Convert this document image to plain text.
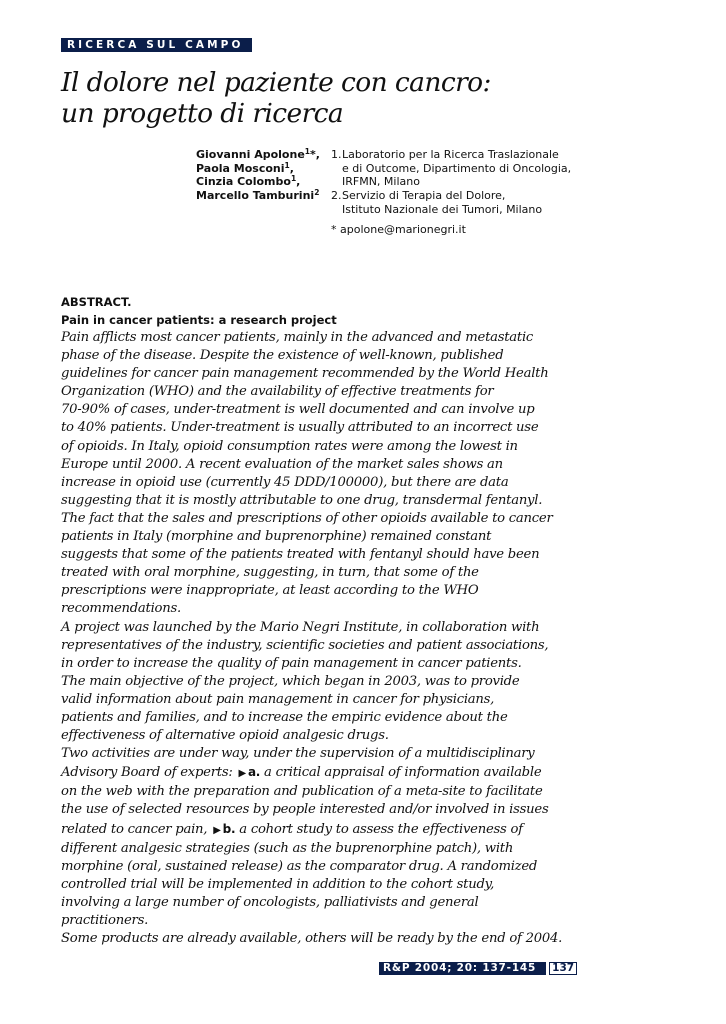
RICERCA SUL CAMPO
Il dolore nel paziente con cancro:
un progetto di ricerca
Giovanni Apolone$^1$*,
Paola Mosconi$^1$,
Cinzia Colombo$^1$,
Marcello Tamburini$^2$
1. Laboratorio per la Ricerca Traslazionale
e di Outcome, Dipartimento di Oncologia,
IRFMN, Milano
2. Servizio di Terapia del Dolore,
Istituto Nazionale dei Tumori, Milano
* apolone@marionegri.it
ABSTRACT.
Pain in cancer patients: a research project
Pain afflicts most cancer patients, mainly in the advanced and metastatic
phase of the disease. Despite the existence of well-known, published
guidelines for cancer pain management recommended by the World Health
Organization (WHO) and the availability of effective treatments for
70-90% of cases, under-treatment is well documented and can involve up
to 40% patients. Under-treatment is usually attributed to an incorrect use
of opioids. In Italy, opioid consumption rates were among the lowest in
Europe until 2000. A recent evaluation of the market sales shows an
increase in opioid use (currently 45 DDD/100000), but there are data
suggesting that it is mostly attributable to one drug, transdermal fentanyl.
The fact that the sales and prescriptions of other opioids available to cancer
patients in Italy (morphine and buprenorphine) remained constant
suggests that some of the patients treated with fentanyl should have been
treated with oral morphine, suggesting, in turn, that some of the
prescriptions were inappropriate, at least according to the WHO
recommendations.
A project was launched by the Mario Negri Institute, in collaboration with
representatives of the industry, scientific societies and patient associations,
in order to increase the quality of pain management in cancer patients.
The main objective of the project, which began in 2003, was to provide
valid information about pain management in cancer for physicians,
patients and families, and to increase the empiric evidence about the
effectiveness of alternative opioid analgesic drugs.
Two activities are under way, under the supervision of a multidisciplinary
Advisory Board of experts: ▶ a. a critical appraisal of information available
on the web with the preparation and publication of a meta-site to facilitate
the use of selected resources by people interested and/or involved in issues
related to cancer pain, ▶ b. a cohort study to assess the effectiveness of
different analgesic strategies (such as the buprenorphine patch), with
morphine (oral, sustained release) as the comparator drug. A randomized
controlled trial will be implemented in addition to the cohort study,
involving a large number of oncologists, palliativists and general
practitioners.
Some products are already available, others will be ready by the end of 2004.
R&P 2004; 20: 137-145	137
